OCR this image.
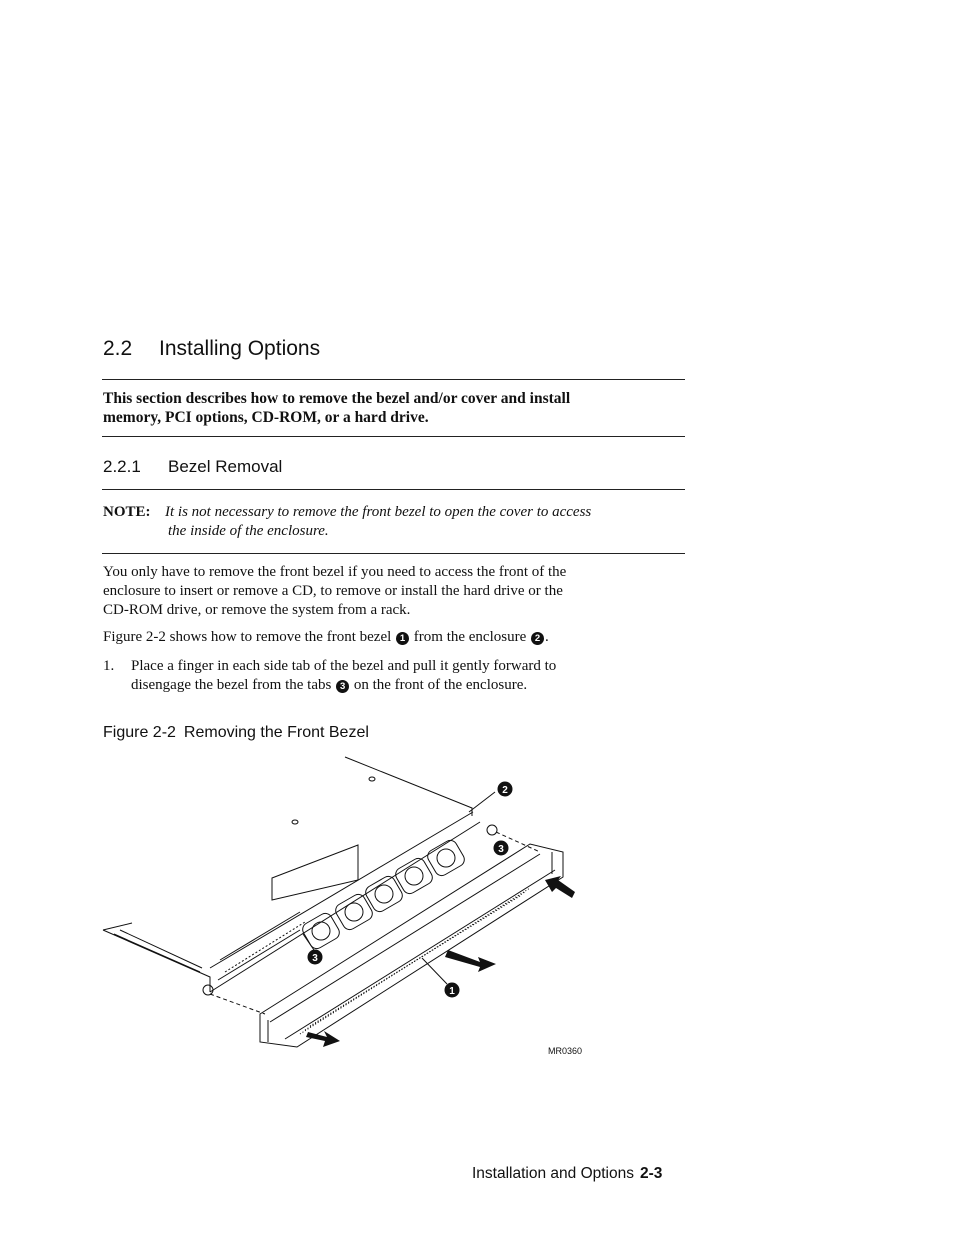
2.2 Installing Options
This section describes how to remove the bezel and/or cover and install
memory, PCI options, CD-ROM, or a hard drive.
2.2.1 Bezel Removal
NOTE: It is not necessary to remove the front bezel to open the cover to access
the inside of the enclosure.
You only have to remove the front bezel if you need to access the front of the
enclosure to insert or remove a CD, to remove or install the hard drive or the
CD-ROM drive, or remove the system from a rack.
Figure 2-2 shows how to remove the front bezel 1 from the enclosure 2 .
1. Place a finger in each side tab of the bezel and pull it gently forward to
disengage the bezel from the tabs 3 on the front of the enclosure.
Figure 2-2 Removing the Front Bezel
2
3
3
1
MR0360
Installation and Options 2-3
